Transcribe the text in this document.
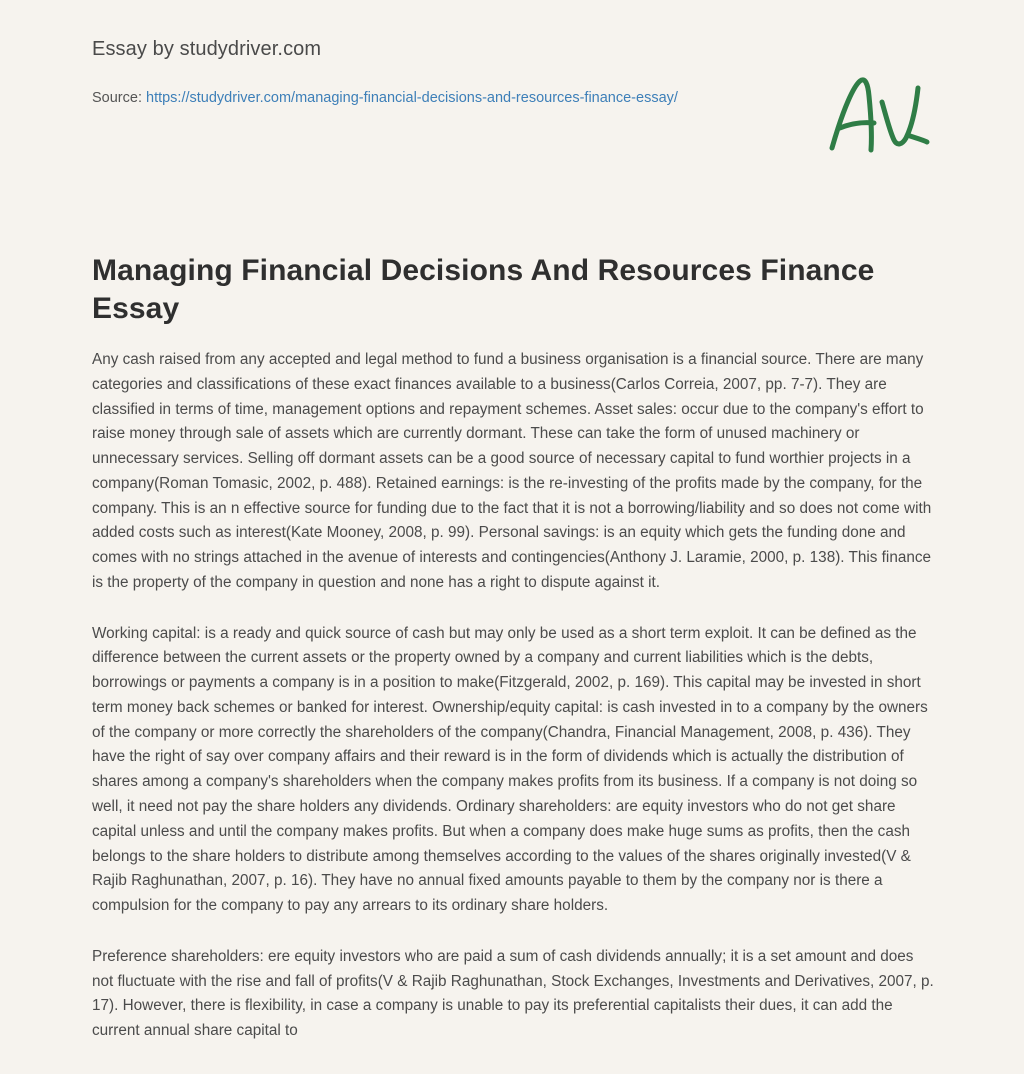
Essay by studydriver.com

Source: https://studydriver.com/managing-financial-decisions-and-resources-finance-essay/

Managing Financial Decisions And Resources Finance Essay

Any cash raised from any accepted and legal method to fund a business organisation is a financial source. There are many categories and classifications of these exact finances available to a business(Carlos Correia, 2007, pp. 7-7). They are classified in terms of time, management options and repayment schemes. Asset sales: occur due to the company's effort to raise money through sale of assets which are currently dormant. These can take the form of unused machinery or unnecessary services. Selling off dormant assets can be a good source of necessary capital to fund worthier projects in a company(Roman Tomasic, 2002, p. 488). Retained earnings: is the re-investing of the profits made by the company, for the company. This is an n effective source for funding due to the fact that it is not a borrowing/liability and so does not come with added costs such as interest(Kate Mooney, 2008, p. 99). Personal savings: is an equity which gets the funding done and comes with no strings attached in the avenue of interests and contingencies(Anthony J. Laramie, 2000, p. 138). This finance is the property of the company in question and none has a right to dispute against it.

Working capital: is a ready and quick source of cash but may only be used as a short term exploit. It can be defined as the difference between the current assets or the property owned by a company and current liabilities which is the debts, borrowings or payments a company is in a position to make(Fitzgerald, 2002, p. 169). This capital may be invested in short term money back schemes or banked for interest. Ownership/equity capital: is cash invested in to a company by the owners of the company or more correctly the shareholders of the company(Chandra, Financial Management, 2008, p. 436). They have the right of say over company affairs and their reward is in the form of dividends which is actually the distribution of shares among a company's shareholders when the company makes profits from its business. If a company is not doing so well, it need not pay the share holders any dividends. Ordinary shareholders: are equity investors who do not get share capital unless and until the company makes profits. But when a company does make huge sums as profits, then the cash belongs to the share holders to distribute among themselves according to the values of the shares originally invested(V & Rajib Raghunathan, 2007, p. 16). They have no annual fixed amounts payable to them by the company nor is there a compulsion for the company to pay any arrears to its ordinary share holders.

Preference shareholders: ere equity investors who are paid a sum of cash dividends annually; it is a set amount and does not fluctuate with the rise and fall of profits(V & Rajib Raghunathan, Stock Exchanges, Investments and Derivatives, 2007, p. 17). However, there is flexibility, in case a company is unable to pay its preferential capitalists their dues, it can add the current annual share capital to
